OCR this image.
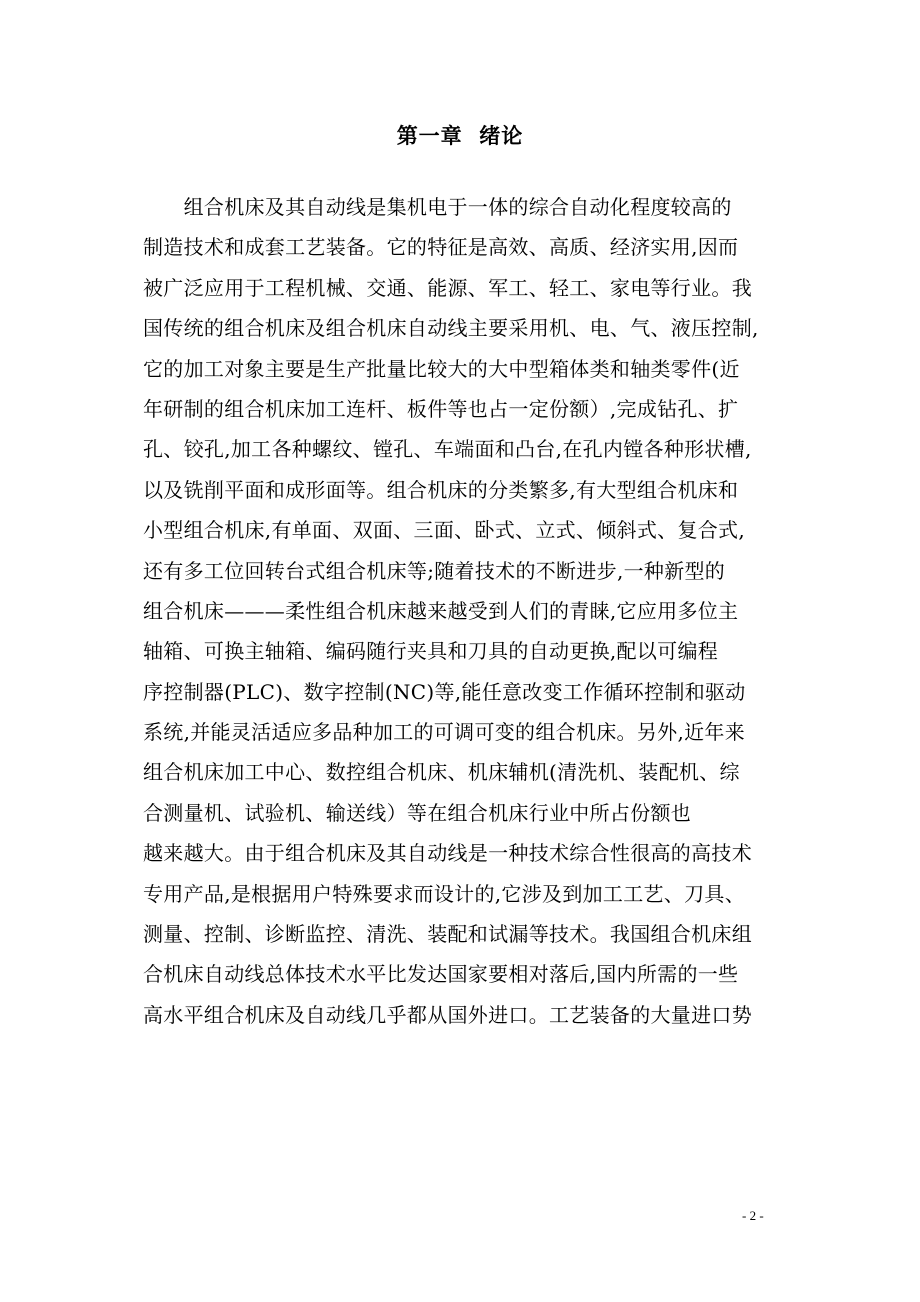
第一章  绪论
　　组合机床及其自动线是集机电于一体的综合自动化程度较高的
制造技术和成套工艺装备。它的特征是高效、高质、经济实用,因而
被广泛应用于工程机械、交通、能源、军工、轻工、家电等行业。我
国传统的组合机床及组合机床自动线主要采用机、电、气、液压控制,
它的加工对象主要是生产批量比较大的大中型箱体类和轴类零件(近
年研制的组合机床加工连杆、板件等也占一定份额）,完成钻孔、扩
孔、铰孔,加工各种螺纹、镗孔、车端面和凸台,在孔内镗各种形状槽,
以及铣削平面和成形面等。组合机床的分类繁多,有大型组合机床和
小型组合机床,有单面、双面、三面、卧式、立式、倾斜式、复合式,
还有多工位回转台式组合机床等;随着技术的不断进步,一种新型的
组合机床———柔性组合机床越来越受到人们的青睐,它应用多位主
轴箱、可换主轴箱、编码随行夹具和刀具的自动更换,配以可编程
序控制器(PLC)、数字控制(NC)等,能任意改变工作循环控制和驱动
系统,并能灵活适应多品种加工的可调可变的组合机床。另外,近年来
组合机床加工中心、数控组合机床、机床辅机(清洗机、装配机、综
合测量机、试验机、输送线）等在组合机床行业中所占份额也
越来越大。由于组合机床及其自动线是一种技术综合性很高的高技术
专用产品,是根据用户特殊要求而设计的,它涉及到加工工艺、刀具、
测量、控制、诊断监控、清洗、装配和试漏等技术。我国组合机床组
合机床自动线总体技术水平比发达国家要相对落后,国内所需的一些
高水平组合机床及自动线几乎都从国外进口。工艺装备的大量进口势
- 2 -
